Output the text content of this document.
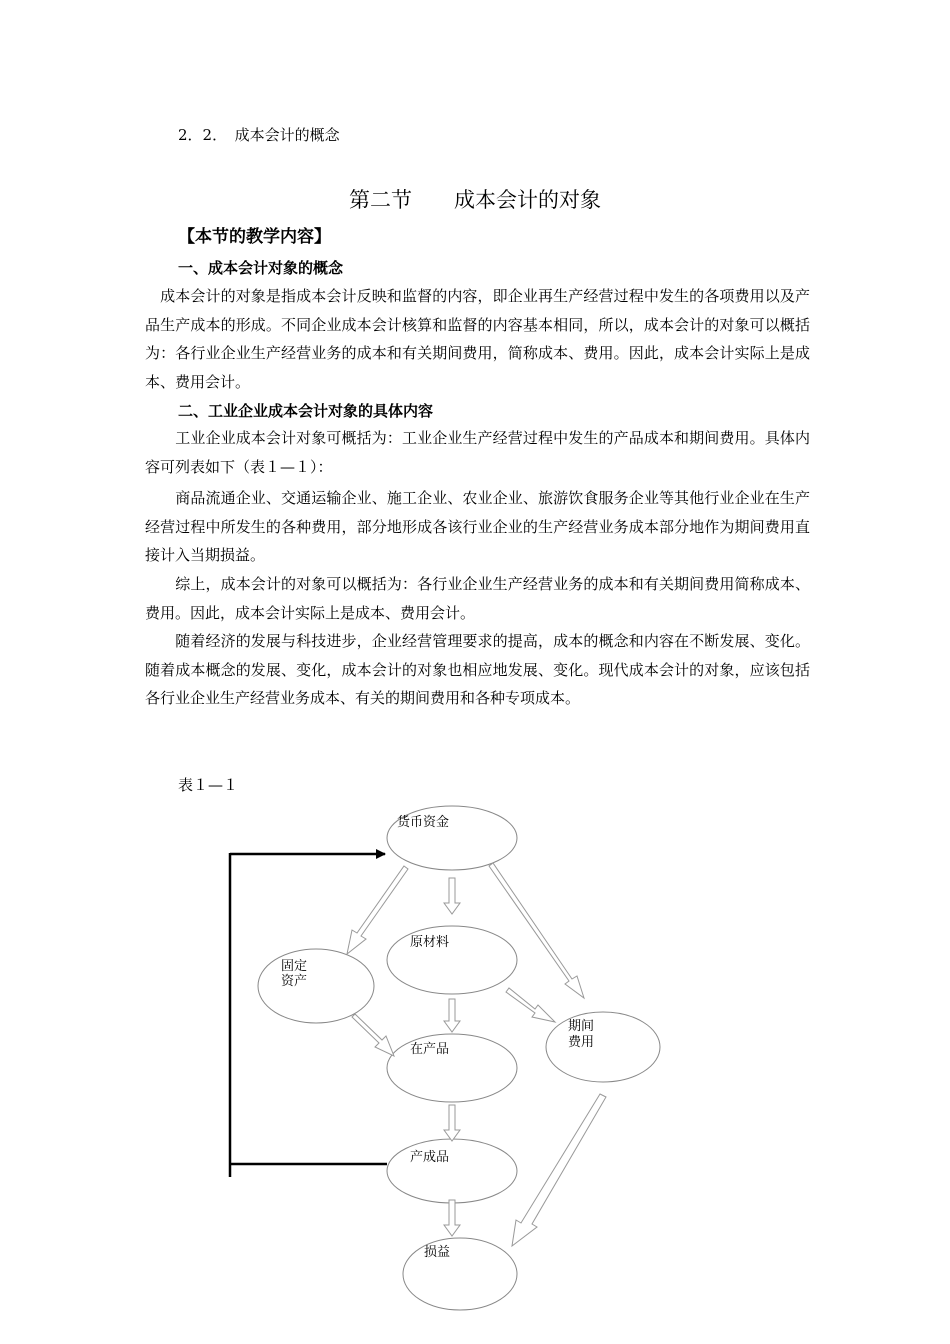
2．2．　成本会计的概念
第二节　　成本会计的对象
【本节的教学内容】
一、成本会计对象的概念

　成本会计的对象是指成本会计反映和监督的内容，即企业再生产经营过程中发生的各项费用以及产品生产成本的形成。不同企业成本会计核算和监督的内容基本相同，所以，成本会计的对象可以概括为：各行业企业生产经营业务的成本和有关期间费用，简称成本、费用。因此，成本会计实际上是成本、费用会计。

二、工业企业成本会计对象的具体内容

　　工业企业成本会计对象可概括为：工业企业生产经营过程中发生的产品成本和期间费用。具体内容可列表如下（表１—１）：

　　商品流通企业、交通运输企业、施工企业、农业企业、旅游饮食服务企业等其他行业企业在生产经营过程中所发生的各种费用，部分地形成各该行业企业的生产经营业务成本部分地作为期间费用直接计入当期损益。

　　综上，成本会计的对象可以概括为：各行业企业生产经营业务的成本和有关期间费用简称成本、费用。因此，成本会计实际上是成本、费用会计。

　　随着经济的发展与科技进步，企业经营管理要求的提高，成本的概念和内容在不断发展、变化。随着成本概念的发展、变化，成本会计的对象也相应地发展、变化。现代成本会计的对象，应该包括各行业企业生产经营业务成本、有关的期间费用和各种专项成本。

表１—１
货币资金
原材料
固定
资产
期间
费用
在产品
产成品
损益
